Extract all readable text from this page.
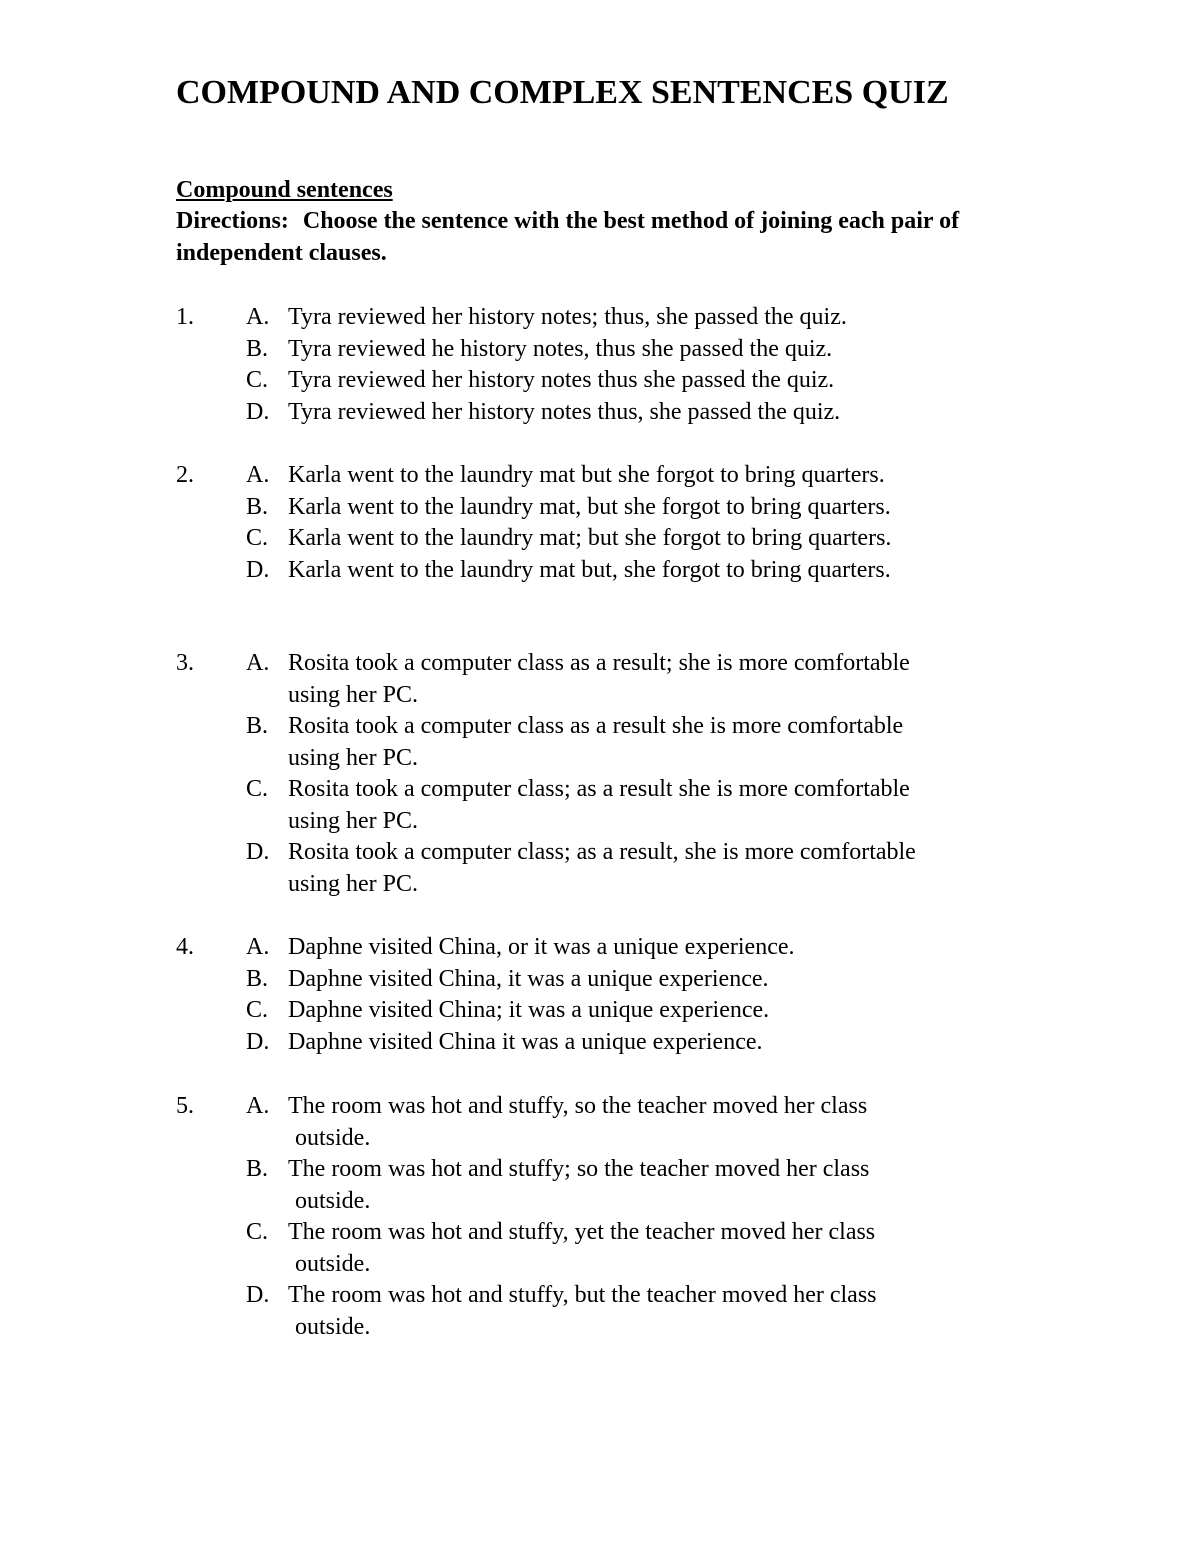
COMPOUND AND COMPLEX SENTENCES QUIZ
Compound sentences
Directions: Choose the sentence with the best method of joining each pair of independent clauses.
1. A. Tyra reviewed her history notes; thus, she passed the quiz.
B. Tyra reviewed he history notes, thus she passed the quiz.
C. Tyra reviewed her history notes thus she passed the quiz.
D. Tyra reviewed her history notes thus, she passed the quiz.
2. A. Karla went to the laundry mat but she forgot to bring quarters.
B. Karla went to the laundry mat, but she forgot to bring quarters.
C. Karla went to the laundry mat; but she forgot to bring quarters.
D. Karla went to the laundry mat but, she forgot to bring quarters.
3. A. Rosita took a computer class as a result; she is more comfortable
using her PC.
B. Rosita took a computer class as a result she is more comfortable
using her PC.
C. Rosita took a computer class; as a result she is more comfortable
using her PC.
D. Rosita took a computer class; as a result, she is more comfortable
using her PC.
4. A. Daphne visited China, or it was a unique experience.
B. Daphne visited China, it was a unique experience.
C. Daphne visited China; it was a unique experience.
D. Daphne visited China it was a unique experience.
5. A. The room was hot and stuffy, so the teacher moved her class
outside.
B. The room was hot and stuffy; so the teacher moved her class
outside.
C. The room was hot and stuffy, yet the teacher moved her class
outside.
D. The room was hot and stuffy, but the teacher moved her class
outside.
